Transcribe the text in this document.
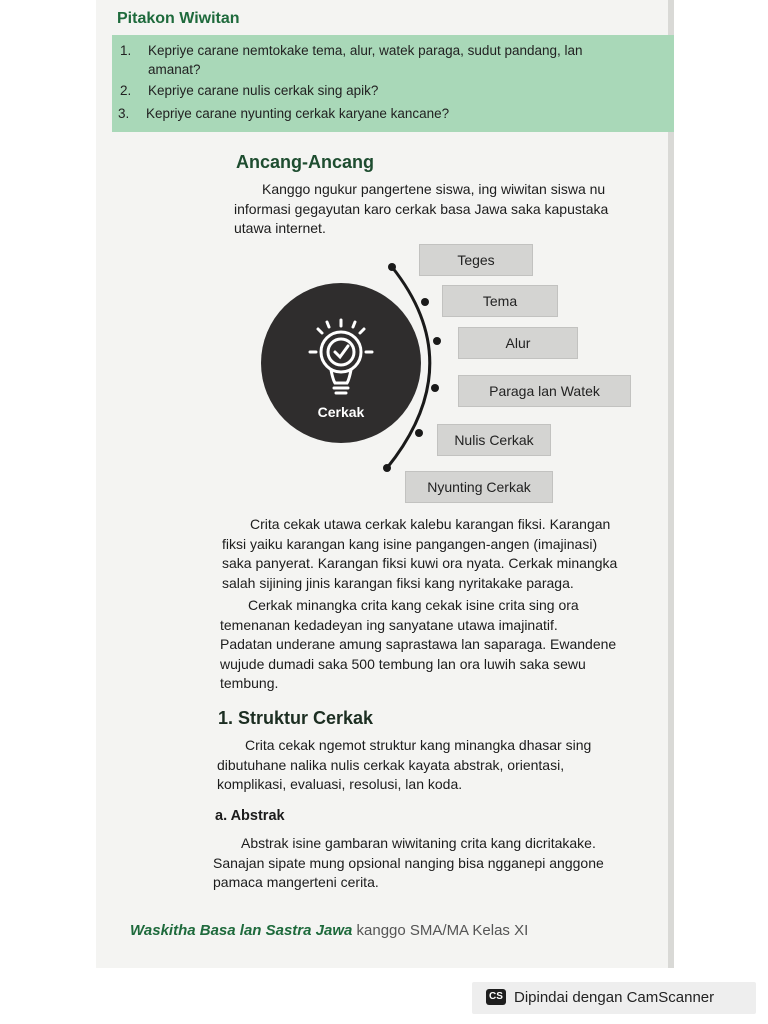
Pitakon Wiwitan
1. Kepriye carane nemtokake tema, alur, watek paraga, sudut pandang, lan
amanat?
2. Kepriye carane nulis cerkak sing apik?
3. Kepriye carane nyunting cerkak karyane kancane?
Ancang-Ancang
Kanggo ngukur pangertene siswa, ing wiwitan siswa nu
informasi gegayutan karo cerkak basa Jawa saka kapustaka
utawa internet.
Cerkak
Teges
Tema
Alur
Paraga lan Watek
Nulis Cerkak
Nyunting Cerkak
Crita cekak utawa cerkak kalebu karangan fiksi. Karangan
fiksi yaiku karangan kang isine pangangen-angen (imajinasi)
saka panyerat. Karangan fiksi kuwi ora nyata. Cerkak minangka
salah sijining jinis karangan fiksi kang nyritakake paraga.
Cerkak minangka crita kang cekak isine crita sing ora
temenanan kedadeyan ing sanyatane utawa imajinatif.
Padatan underane amung saprastawa lan saparaga. Ewandene
wujude dumadi saka 500 tembung lan ora luwih saka sewu
tembung.
1. Struktur Cerkak
Crita cekak ngemot struktur kang minangka dhasar sing
dibutuhane nalika nulis cerkak kayata abstrak, orientasi,
komplikasi, evaluasi, resolusi, lan koda.
a. Abstrak
Abstrak isine gambaran wiwitaning crita kang dicritakake.
Sanajan sipate mung opsional nanging bisa ngganepi anggone
pamaca mangerteni cerita.
Waskitha Basa lan Sastra Jawa kanggo SMA/MA Kelas XI
CS Dipindai dengan CamScanner
